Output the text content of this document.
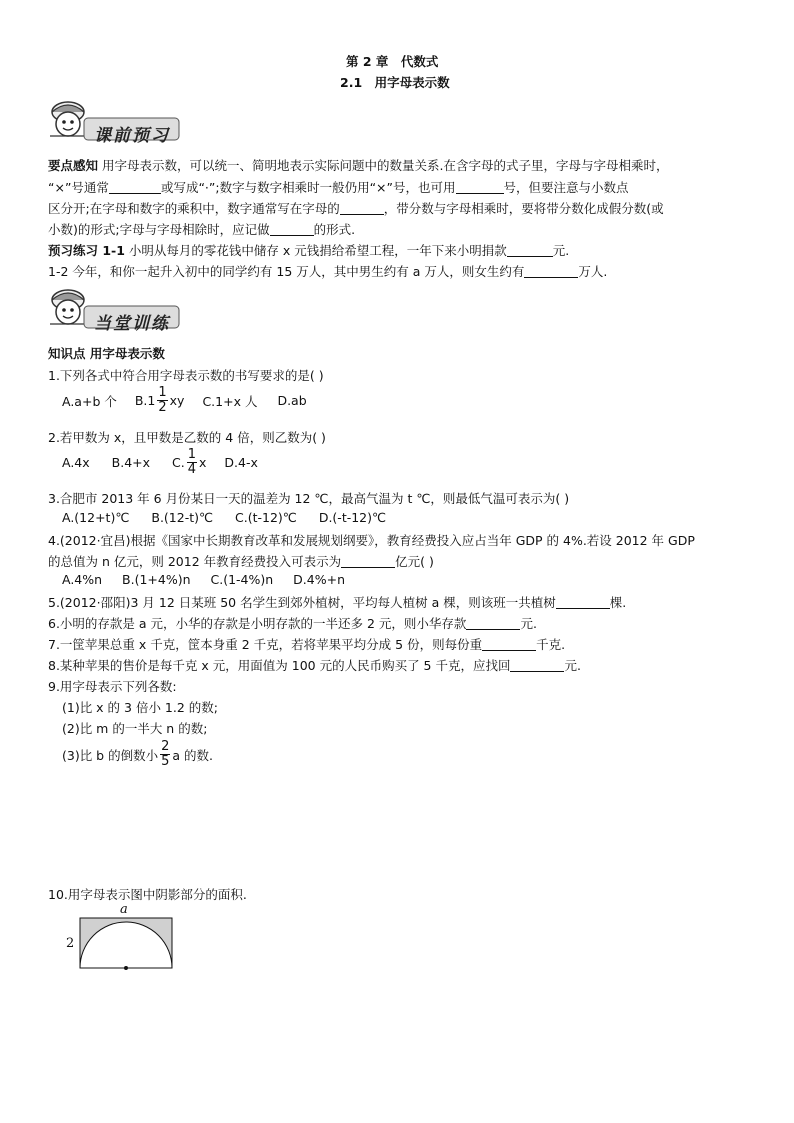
第 2 章　代数式
2.1　用字母表示数
课前预习
要点感知 用字母表示数，可以统一、简明地表示实际问题中的数量关系.在含字母的式子里，字母与字母相乘时，
“×”号通常	或写成“·”;数字与数字相乘时一般仍用“×”号，也可用	号，但要注意与小数点
区分开;在字母和数字的乘积中，数字通常写在字母的	，带分数与字母相乘时，要将带分数化成假分数(或
小数)的形式;字母与字母相除时，应记做	的形式.
预习练习 1-1 小明从每月的零花钱中储存 x 元钱捐给希望工程，一年下来小明捐款	元.
1-2 今年，和你一起升入初中的同学约有 15 万人，其中男生约有 a 万人，则女生约有	万人.
当堂训练
知识点 用字母表示数
1.下列各式中符合用字母表示数的书写要求的是( )
A.a+b 个 $B.1 \frac{1}{2}$ xy C.1+x 人 D.ab
2.若甲数为 x，且甲数是乙数的 4 倍，则乙数为( )
A.4x B.4+x C. $\frac{1}{4}$ x D.4-x
3.合肥市 2013 年 6 月份某日一天的温差为 12 ℃，最高气温为 t ℃，则最低气温可表示为( )
A.(12+t)℃ B.(12-t)℃ C.(t-12)℃ D.(-t-12)℃
4.(2012·宜昌)根据《国家中长期教育改革和发展规划纲要》，教育经费投入应占当年 GDP 的 4%.若设 2012 年 GDP
的总值为 n 亿元，则 2012 年教育经费投入可表示为	亿元( )
A.4%n B.(1+4%)n C.(1-4%)n D.4%+n
5.(2012·邵阳)3 月 12 日某班 50 名学生到郊外植树，平均每人植树 a 棵，则该班一共植树	棵.
6.小明的存款是 a 元，小华的存款是小明存款的一半还多 2 元，则小华存款	元.
7.一筐苹果总重 x 千克，筐本身重 2 千克，若将苹果平均分成 5 份，则每份重	千克.
8.某种苹果的售价是每千克 x 元，用面值为 100 元的人民币购买了 5 千克，应找回	元.
9.用字母表示下列各数:
(1)比 x 的 3 倍小 1.2 的数;
(2)比 m 的一半大 n 的数;
(3)比 b 的倒数小 $\frac{2}{5}$ a 的数.
10.用字母表示图中阴影部分的面积.
a
2
